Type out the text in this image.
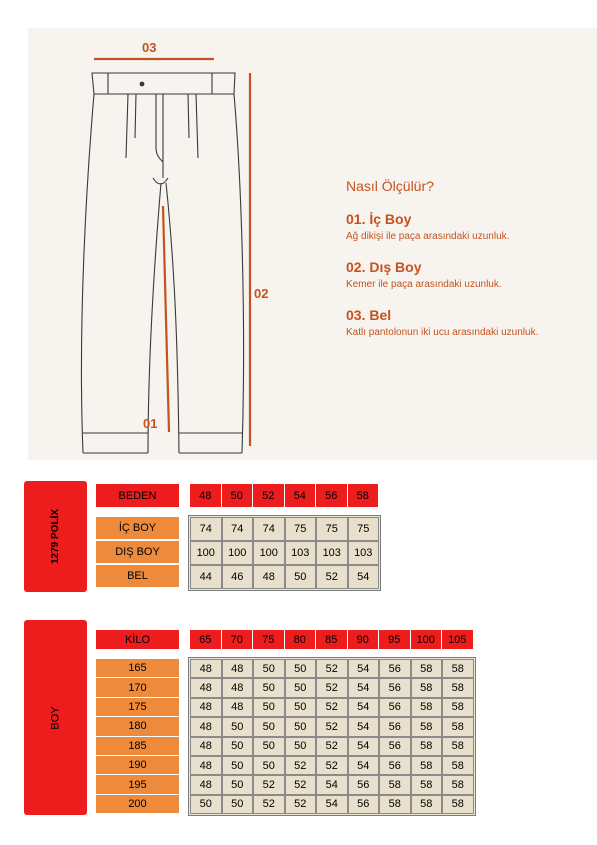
03
02
01
Nasıl Ölçülür?
01. İç Boy
Ağ dikişi ile paça arasındaki uzunluk.
02. Dış Boy
Kemer ile paça arasındaki uzunluk.
03. Bel
Katlı pantolonun iki ucu arasındaki uzunluk.
1279 POLİX
BEDEN	48	50	52	54	56	58
İÇ BOY	74	74	74	75	75	75
DIŞ BOY	100	100	100	103	103	103
BEL	44	46	48	50	52	54
BOY
KİLO	65	70	75	80	85	90	95	100	105
165	48	48	50	50	52	54	56	58	58
170	48	48	50	50	52	54	56	58	58
175	48	48	50	50	52	54	56	58	58
180	48	50	50	50	52	54	56	58	58
185	48	50	50	50	52	54	56	58	58
190	48	50	50	52	52	54	56	58	58
195	48	50	52	52	54	56	58	58	58
200	50	50	52	52	54	56	58	58	58
